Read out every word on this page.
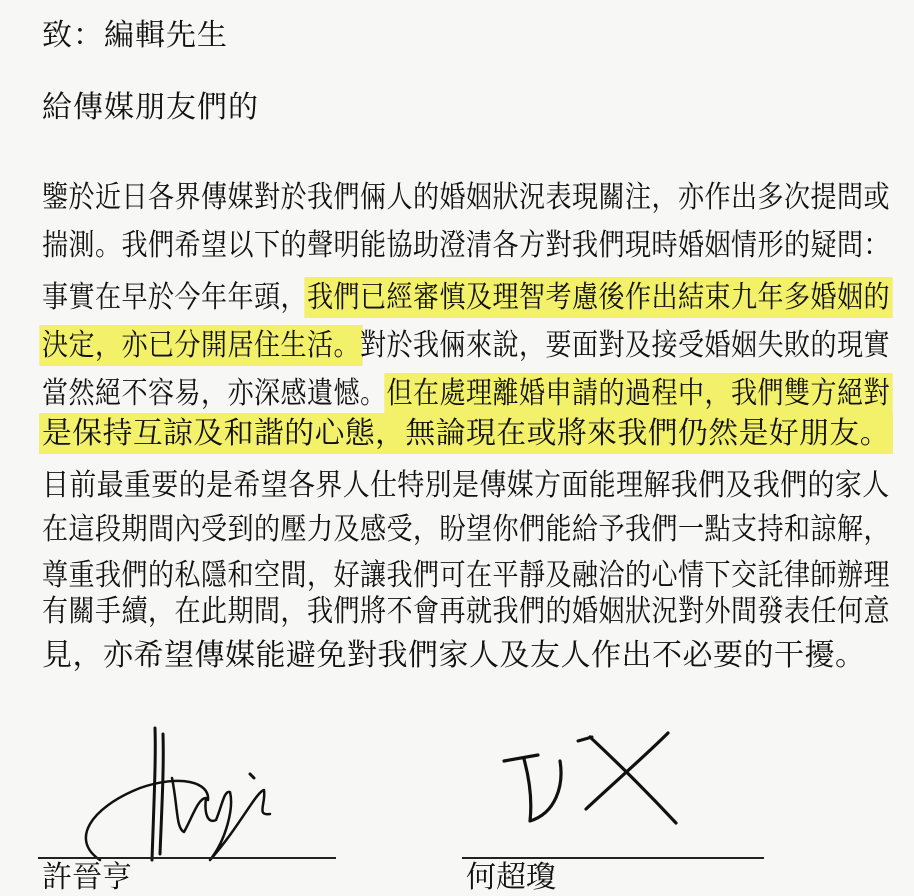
致：編輯先生
給傳媒朋友們的
鑒於近日各界傳媒對於我們倆人的婚姻狀況表現關注，亦作出多次提問或
揣測。我們希望以下的聲明能協助澄清各方對我們現時婚姻情形的疑問：
事實在早於今年年頭，我們已經審慎及理智考慮後作出結束九年多婚姻的
決定，亦已分開居住生活。對於我倆來說，要面對及接受婚姻失敗的現實
當然絕不容易，亦深感遺憾。但在處理離婚申請的過程中，我們雙方絕對
是保持互諒及和諧的心態，無論現在或將來我們仍然是好朋友。
目前最重要的是希望各界人仕特別是傳媒方面能理解我們及我們的家人
在這段期間內受到的壓力及感受，盼望你們能給予我們一點支持和諒解，
尊重我們的私隱和空間，好讓我們可在平靜及融洽的心情下交託律師辦理
有關手續，在此期間，我們將不會再就我們的婚姻狀況對外間發表任何意
見，亦希望傳媒能避免對我們家人及友人作出不必要的干擾。
許晉亨	何超瓊
